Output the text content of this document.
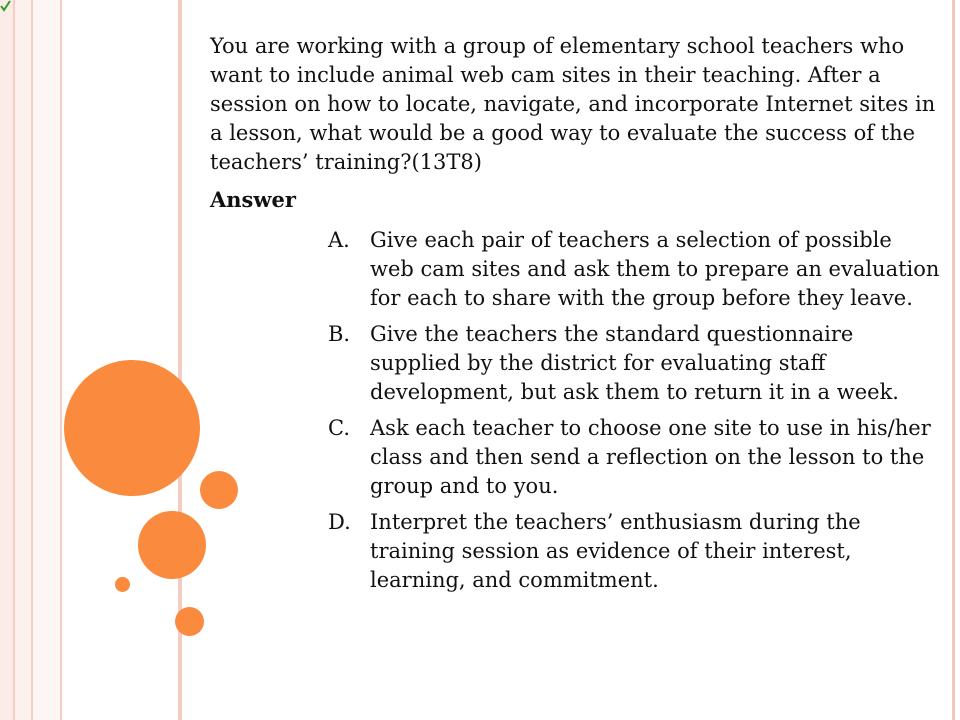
You are working with a group of elementary school teachers who want to include animal web cam sites in their teaching. After a session on how to locate, navigate, and incorporate Internet sites in a lesson, what would be a good way to evaluate the success of the teachers’ training?(13T8)

Answer
A. Give each pair of teachers a selection of possible web cam sites and ask them to prepare an evaluation for each to share with the group before they leave.
B. Give the teachers the standard questionnaire supplied by the district for evaluating staff development, but ask them to return it in a week.
C. Ask each teacher to choose one site to use in his/her class and then send a reflection on the lesson to the group and to you.
D. Interpret the teachers’ enthusiasm during the training session as evidence of their interest, learning, and commitment.
